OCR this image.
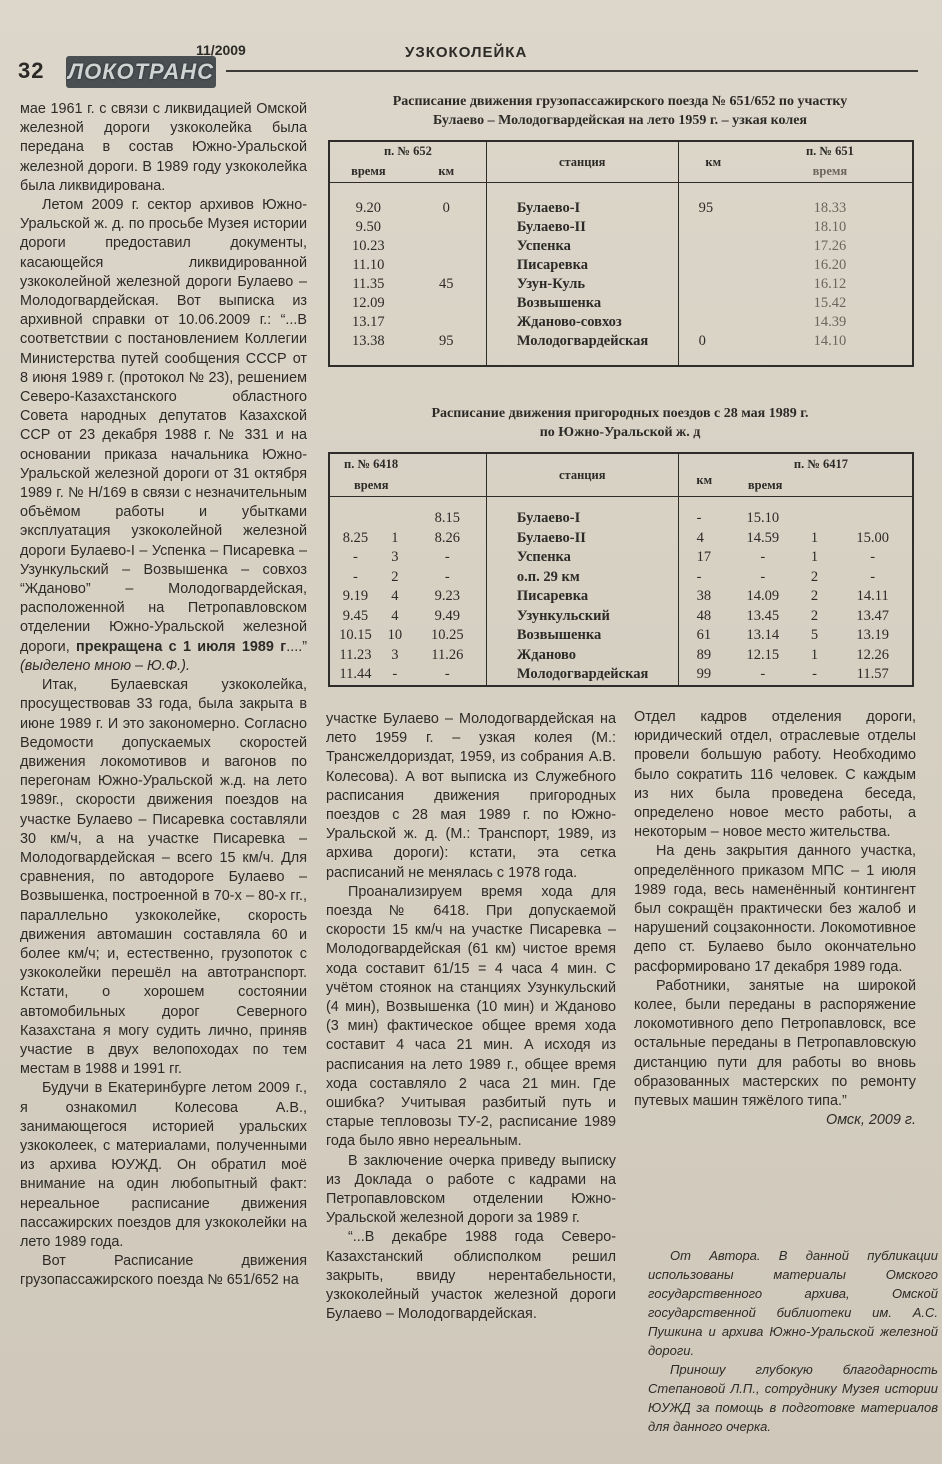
32 ЛОКОТРАНС
11/2009	УЗКОКОЛЕЙКА
Расписание движения грузопассажирского поезда № 651/652 по участку
Булаево – Молодогвардейская на лето 1959 г. – узкая колея
п. № 652		станция	км	п. № 651
время	км			время

9.20	0	Булаево-I	95	18.33
9.50		Булаево-II		18.10
10.23		Успенка		17.26
11.10		Писаревка		16.20
11.35	45	Узун-Куль		16.12
12.09		Возвышенка		15.42
13.17		Жданово-совхоз		14.39
13.38	95	Молодогвардейская	0	14.10

Расписание движения пригородных поездов с 28 мая 1989 г.
по Южно-Уральской ж. д
п. № 6418			станция	км	п. № 6417		
время					время		

		8.15	Булаево-I	-	15.10		
8.25	1	8.26	Булаево-II	4	14.59	1	15.00
-	3	-	Успенка	17	-	1	-
-	2	-	о.п. 29 км	-	-	2	-
9.19	4	9.23	Писаревка	38	14.09	2	14.11
9.45	4	9.49	Узункульский	48	13.45	2	13.47
10.15	10	10.25	Возвышенка	61	13.14	5	13.19
11.23	3	11.26	Жданово	89	12.15	1	12.26
11.44	-	-	Молодогвардейская	99	-	-	11.57

мае 1961 г. с связи с ликвидацией Омской железной дороги узкоколейка была передана в состав Южно-Уральской железной дороги. В 1989 году узкоколейка была ликвидирована.

Летом 2009 г. сектор архивов Южно-Уральской ж. д. по просьбе Музея истории дороги предоставил документы, касающейся ликвидированной узкоколейной железной дороги Булаево – Молодогвардейская. Вот выписка из архивной справки от 10.06.2009 г.: “...В соответствии с постановлением Коллегии Министерства путей сообщения СССР от 8 июня 1989 г. (протокол № 23), решением Северо-Казахстанского областного Совета народных депутатов Казахской ССР от 23 декабря 1988 г. № 331 и на основании приказа начальника Южно-Уральской железной дороги от 31 октября 1989 г. № Н/169 в связи с незначительным объёмом работы и убытками эксплуатация узкоколейной железной дороги Булаево-I – Успенка – Писаревка – Узункульский – Возвышенка – совхоз “Жданово” – Молодогвардейская, расположенной на Петропавловском отделении Южно-Уральской железной дороги, прекращена с 1 июля 1989 г....” (выделено мною – Ю.Ф.).

Итак, Булаевская узкоколейка, просуществовав 33 года, была закрыта в июне 1989 г. И это закономерно. Согласно Ведомости допускаемых скоростей движения локомотивов и вагонов по перегонам Южно-Уральской ж.д. на лето 1989г., скорости движения поездов на участке Булаево – Писаревка составляли 30 км/ч, а на участке Писаревка – Молодогвардейская – всего 15 км/ч. Для сравнения, по автодороге Булаево – Возвышенка, построенной в 70-х – 80-х гг., параллельно узкоколейке, скорость движения автомашин составляла 60 и более км/ч; и, естественно, грузопоток с узкоколейки перешёл на автотранспорт. Кстати, о хорошем состоянии автомобильных дорог Северного Казахстана я могу судить лично, приняв участие в двух велопоходах по тем местам в 1988 и 1991 гг.

Будучи в Екатеринбурге летом 2009 г., я ознакомил Колесова А.В., занимающегося историей уральских узкоколеек, с материалами, полученными из архива ЮУЖД. Он обратил моё внимание на один любопытный факт: нереальное расписание движения пассажирских поездов для узкоколейки на лето 1989 года.

Вот Расписание движения грузопассажирского поезда № 651/652 на

участке Булаево – Молодогвардейская на лето 1959 г. – узкая колея (М.: Трансжелдориздат, 1959, из собрания А.В. Колесова). А вот выписка из Служебного расписания движения пригородных поездов с 28 мая 1989 г. по Южно-Уральской ж. д. (М.: Транспорт, 1989, из архива дороги): кстати, эта сетка расписаний не менялась с 1978 года.

Проанализируем время хода для поезда № 6418. При допускаемой скорости 15 км/ч на участке Писаревка – Молодогвардейская (61 км) чистое время хода составит 61/15 = 4 часа 4 мин. С учётом стоянок на станциях Узункульский (4 мин), Возвышенка (10 мин) и Жданово (3 мин) фактическое общее время хода составит 4 часа 21 мин. А исходя из расписания на лето 1989 г., общее время хода составляло 2 часа 21 мин. Где ошибка? Учитывая разбитый путь и старые тепловозы ТУ-2, расписание 1989 года было явно нереальным.

В заключение очерка приведу выписку из Доклада о работе с кадрами на Петропавловском отделении Южно-Уральской железной дороги за 1989 г.

“...В декабре 1988 года Северо-Казахстанский облисполком решил закрыть, ввиду нерентабельности, узкоколейный участок железной дороги Булаево – Молодогвардейская.

Отдел кадров отделения дороги, юридический отдел, отраслевые отделы провели большую работу. Необходимо было сократить 116 человек. С каждым из них была проведена беседа, определено новое место работы, а некоторым – новое место жительства.

На день закрытия данного участка, определённого приказом МПС – 1 июля 1989 года, весь наменённый контингент был сокращён практически без жалоб и нарушений соцзаконности. Локомотивное депо ст. Булаево было окончательно расформировано 17 декабря 1989 года.

Работники, занятые на широкой колее, были переданы в распоряжение локомотивного депо Петропавловск, все остальные переданы в Петропавловскую дистанцию пути для работы во вновь образованных мастерских по ремонту путевых машин тяжёлого типа.”

Омск, 2009 г.

От Автора. В данной публикации использованы материалы Омского государственного архива, Омской государственной библиотеки им. А.С. Пушкина и архива Южно-Уральской железной дороги.

Приношу глубокую благодарность Степановой Л.П., сотруднику Музея истории ЮУЖД за помощь в подготовке материалов для данного очерка.
